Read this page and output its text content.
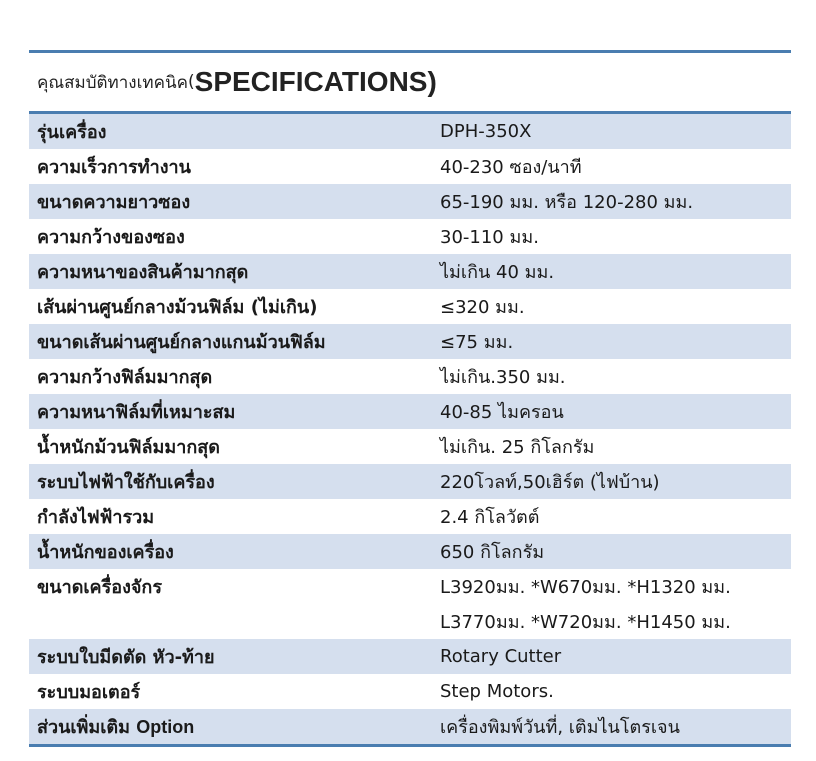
คุณสมบัติทางเทคนิค ( SPECIFICATIONS)
รุ่นเครื่อง	DPH-350X
ความเร็วการทำงาน	40-230 ซอง/นาที
ขนาดความยาวซอง	65-190 มม. หรือ 120-280 มม.
ความกว้างของซอง	30-110 มม.
ความหนาของสินค้ามากสุด	ไม่เกิน 40 มม.
เส้นผ่านศูนย์กลางม้วนฟิล์ม (ไม่เกิน)	≤320 มม.
ขนาดเส้นผ่านศูนย์กลางแกนม้วนฟิล์ม	≤75 มม.
ความกว้างฟิล์มมากสุด	ไม่เกิน.350 มม.
ความหนาฟิล์มที่เหมาะสม	40-85 ไมครอน
น้ำหนักม้วนฟิล์มมากสุด	ไม่เกิน. 25 กิโลกรัม
ระบบไฟฟ้าใช้กับเครื่อง	220โวลท์,50เฮิร์ต (ไฟบ้าน)
กำลังไฟฟ้ารวม	2.4 กิโลวัตต์
น้ำหนักของเครื่อง	650 กิโลกรัม
ขนาดเครื่องจักร	L3920มม. *W670มม. *H1320 มม.
	L3770มม. *W720มม. *H1450 มม.
ระบบใบมีดตัด หัว-ท้าย	Rotary Cutter
ระบบมอเตอร์	Step Motors.
ส่วนเพิ่มเติม Option	เครื่องพิมพ์วันที่, เติมไนโตรเจน
